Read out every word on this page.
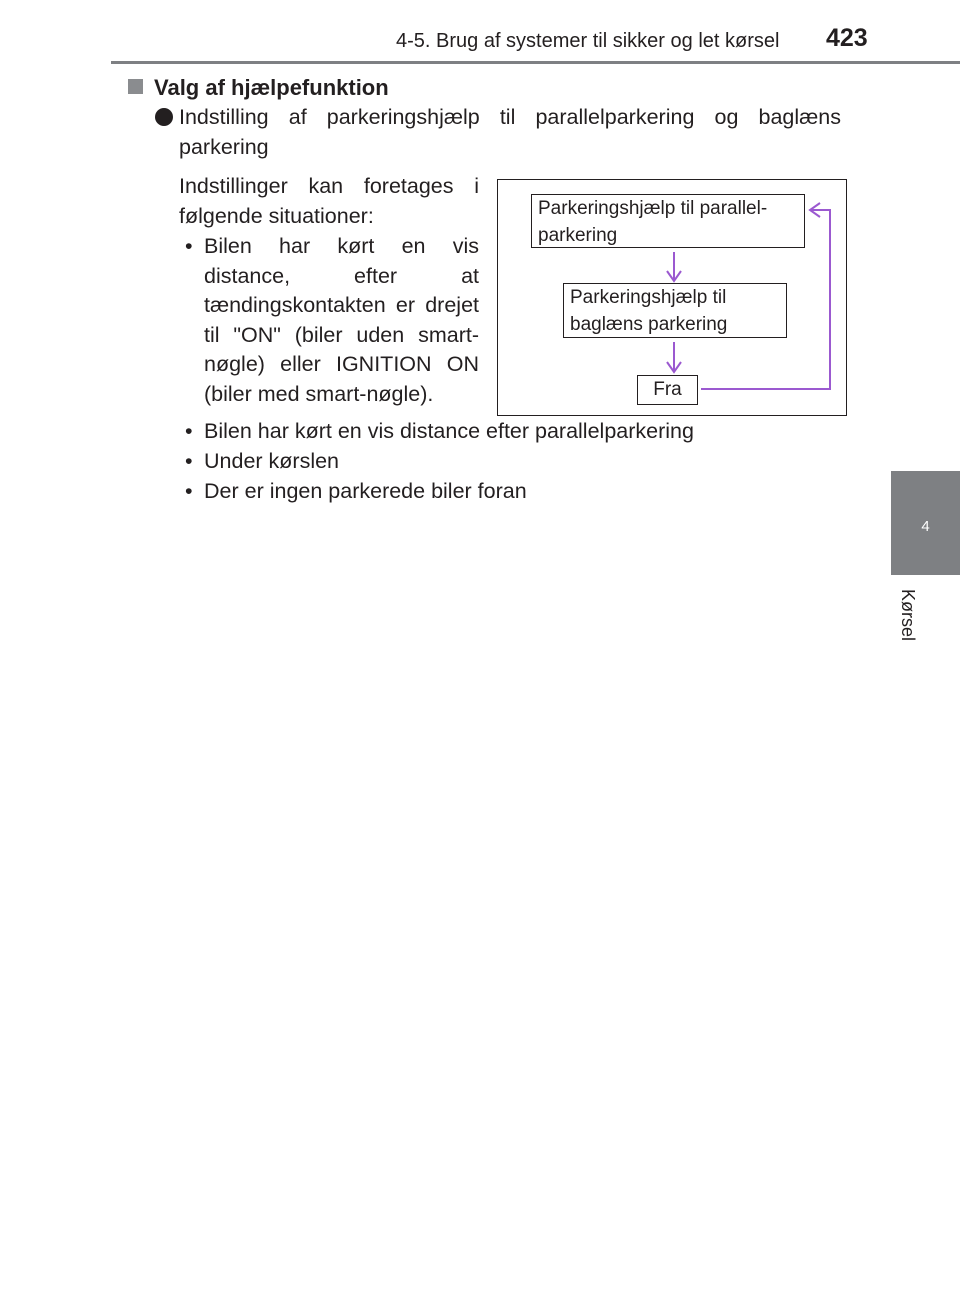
4-5. Brug af systemer til sikker og let kørsel 423
4
Kørsel
Valg af hjælpefunktion
Indstilling af parkeringshjælp til parallelparkering og baglæns parkering
Indstillinger kan foretages i følgende situationer:
• Bilen har kørt en vis distance, efter at tændingskontakten er drejet til "ON" (biler uden smart-nøgle) eller IGNITION ON (biler med smart-nøgle).
• Bilen har kørt en vis distance efter parallelparkering
• Under kørslen
• Der er ingen parkerede biler foran
Parkeringshjælp til parallel-parkering
Parkeringshjælp til baglæns parkering
Fra
